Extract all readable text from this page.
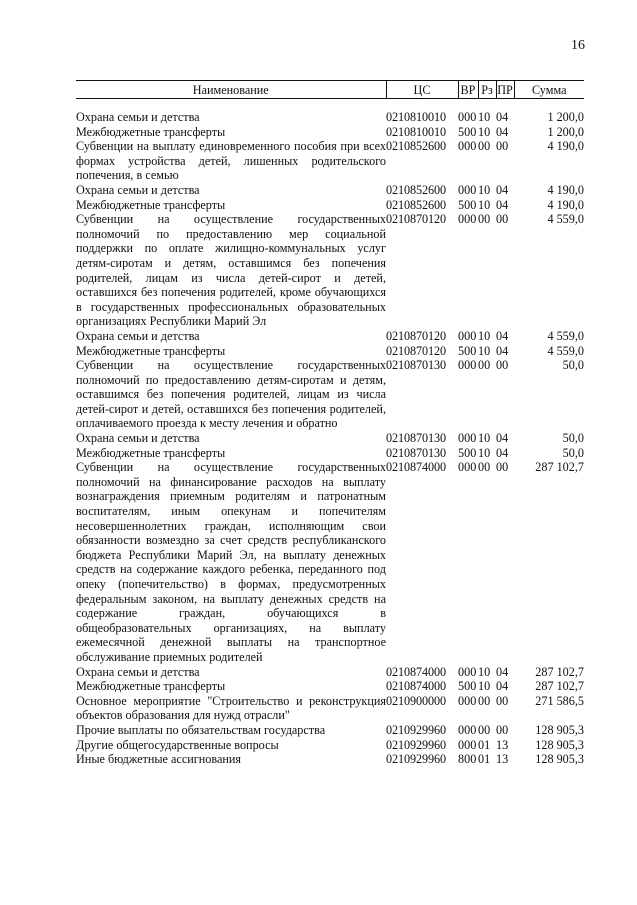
16
Наименование	ЦС	ВР	Рз	ПР	Сумма

Охрана семьи и детства	0210810010	000	10	04	1 200,0
Межбюджетные трансферты	0210810010	500	10	04	1 200,0
Субвенции на выплату единовременного пособия при всех формах устройства детей, лишенных родительского попечения, в семью	0210852600	000	00	00	4 190,0
Охрана семьи и детства	0210852600	000	10	04	4 190,0
Межбюджетные трансферты	0210852600	500	10	04	4 190,0
Субвенции на осуществление государственных полномочий по предоставлению мер социальной поддержки по оплате жилищно-коммунальных услуг детям-сиротам и детям, оставшимся без попечения родителей, лицам из числа детей-сирот и детей, оставшихся без попечения родителей, кроме обучающихся в государственных профессиональных образовательных организациях Республики Марий Эл	0210870120	000	00	00	4 559,0
Охрана семьи и детства	0210870120	000	10	04	4 559,0
Межбюджетные трансферты	0210870120	500	10	04	4 559,0
Субвенции на осуществление государственных полномочий по предоставлению детям-сиротам и детям, оставшимся без попечения родителей, лицам из числа детей-сирот и детей, оставшихся без попечения родителей, оплачиваемого проезда к месту лечения и обратно	0210870130	000	00	00	50,0
Охрана семьи и детства	0210870130	000	10	04	50,0
Межбюджетные трансферты	0210870130	500	10	04	50,0
Субвенции на осуществление государственных полномочий на финансирование расходов на выплату вознаграждения приемным родителям и патронатным воспитателям, иным опекунам и попечителям несовершеннолетних граждан, исполняющим свои обязанности возмездно за счет средств республиканского бюджета Республики Марий Эл, на выплату денежных средств на содержание каждого ребенка, переданного под опеку (попечительство) в формах, предусмотренных федеральным законом, на выплату денежных средств на содержание граждан, обучающихся в общеобразовательных организациях, на выплату ежемесячной денежной выплаты на транспортное обслуживание приемных родителей	0210874000	000	00	00	287 102,7
Охрана семьи и детства	0210874000	000	10	04	287 102,7
Межбюджетные трансферты	0210874000	500	10	04	287 102,7
Основное мероприятие "Строительство и реконструкция объектов образования для нужд отрасли"	0210900000	000	00	00	271 586,5
Прочие выплаты по обязательствам государства	0210929960	000	00	00	128 905,3
Другие общегосударственные вопросы	0210929960	000	01	13	128 905,3
Иные бюджетные ассигнования	0210929960	800	01	13	128 905,3
